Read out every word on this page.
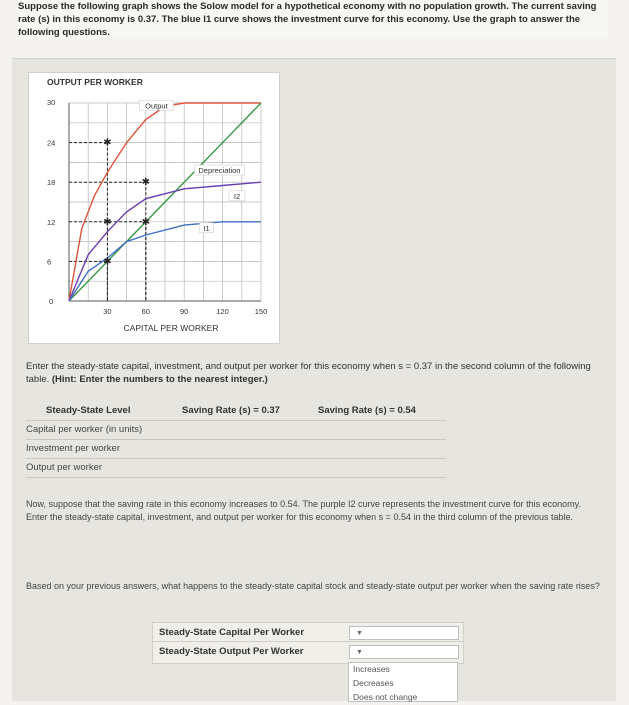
Suppose the following graph shows the Solow model for a hypothetical economy with no population growth. The current saving rate (s) in this economy is 0.37. The blue I1 curve shows the investment curve for this economy. Use the graph to answer the following questions.
OUTPUT PER WORKER
CAPITAL PER WORKER
30
24
18
12
6
0
30	60	90	120	150
✱
✱
✱	✱
✱
Output
Depreciation
I2
I1
Enter the steady-state capital, investment, and output per worker for this economy when s = 0.37 in the second column of the following table. (Hint: Enter the numbers to the nearest integer.)
Steady-State Level	Saving Rate (s) = 0.37	Saving Rate (s) = 0.54
Capital per worker (in units)
Investment per worker
Output per worker
Now, suppose that the saving rate in this economy increases to 0.54. The purple I2 curve represents the investment curve for this economy. Enter the steady-state capital, investment, and output per worker for this economy when s = 0.54 in the third column of the previous table.
Based on your previous answers, what happens to the steady-state capital stock and steady-state output per worker when the saving rate rises?
Steady-State Capital Per Worker	▼
Steady-State Output Per Worker	▼
Increases
Decreases
Does not change
